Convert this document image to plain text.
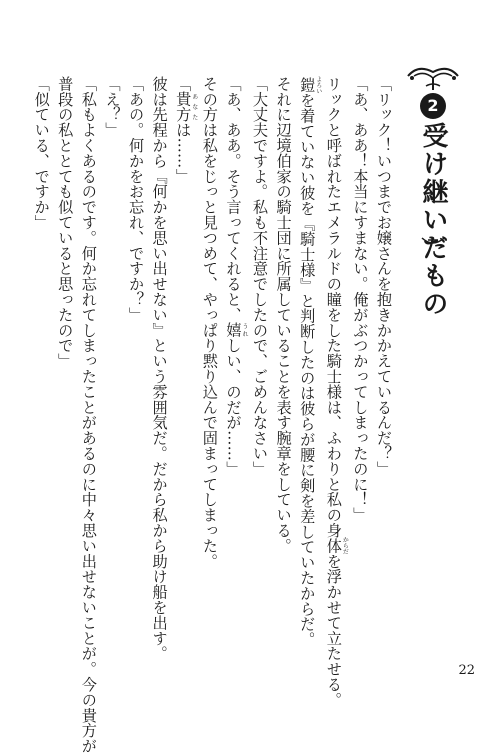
2
受け継いだもの
「リック！いつまでお嬢さんを抱きかかえているんだ？」
「あ、ああ！本当にすまない。俺がぶつかってしまったのに！」
リックと呼ばれたエメラルドの瞳をした騎士様は、ふわりと私の身体からだを浮かせて立たせる。
鎧よろいを着ていない彼を『騎士様』と判断したのは彼らが腰に剣を差していたからだ。
それに辺境伯家の騎士団に所属していることを表す腕章をしている。
「大丈夫ですよ。私も不注意でしたので、ごめんなさい」
「あ、ああ。そう言ってくれると、嬉うれしい、のだが……」
その方は私をじっと見つめて、やっぱり黙り込んで固まってしまった。
「貴方あなたは……」
彼は先程から『何かを思い出せない』という雰囲気だ。だから私から助け船を出す。
「あの。何かをお忘れ、ですか？」
「え？」
「私もよくあるのです。何か忘れてしまったことがあるのに中々思い出せないことが。今の貴方が
普段の私ととても似ていると思ったので」
「似ている、ですか」
22
